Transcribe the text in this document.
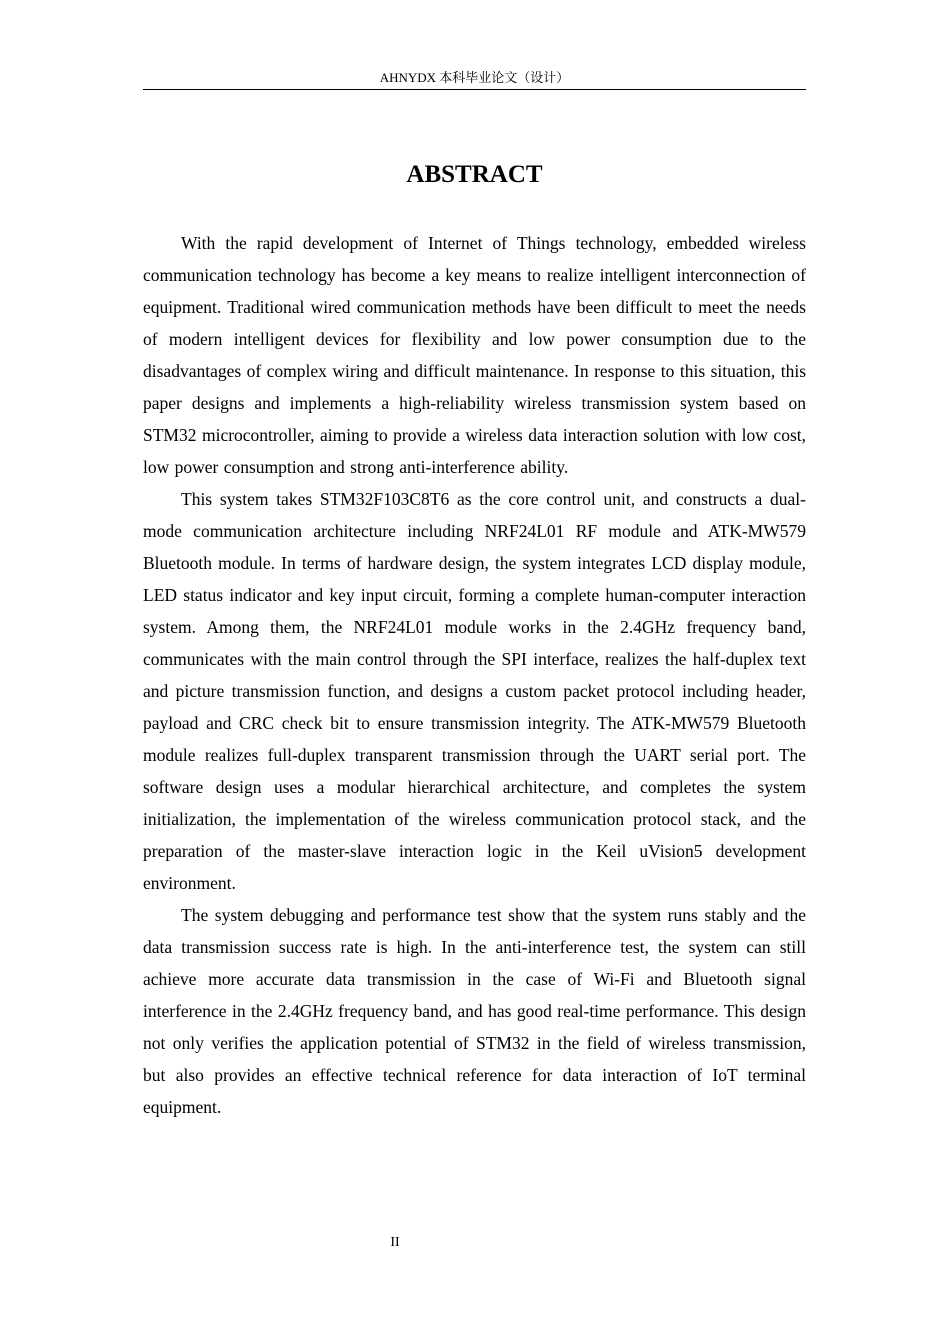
AHNYDX 本科毕业论文（设计）
ABSTRACT

With the rapid development of Internet of Things technology, embedded wireless communication technology has become a key means to realize intelligent interconnection of equipment. Traditional wired communication methods have been difficult to meet the needs of modern intelligent devices for flexibility and low power consumption due to the disadvantages of complex wiring and difficult maintenance. In response to this situation, this paper designs and implements a high-reliability wireless transmission system based on STM32 microcontroller, aiming to provide a wireless data interaction solution with low cost, low power consumption and strong anti-interference ability.

This system takes STM32F103C8T6 as the core control unit, and constructs a dual-mode communication architecture including NRF24L01 RF module and ATK-MW579 Bluetooth module. In terms of hardware design, the system integrates LCD display module, LED status indicator and key input circuit, forming a complete human-computer interaction system. Among them, the NRF24L01 module works in the 2.4GHz frequency band, communicates with the main control through the SPI interface, realizes the half-duplex text and picture transmission function, and designs a custom packet protocol including header, payload and CRC check bit to ensure transmission integrity. The ATK-MW579 Bluetooth module realizes full-duplex transparent transmission through the UART serial port. The software design uses a modular hierarchical architecture, and completes the system initialization, the implementation of the wireless communication protocol stack, and the preparation of the master-slave interaction logic in the Keil uVision5 development environment.

The system debugging and performance test show that the system runs stably and the data transmission success rate is high. In the anti-interference test, the system can still achieve more accurate data transmission in the case of Wi-Fi and Bluetooth signal interference in the 2.4GHz frequency band, and has good real-time performance. This design not only verifies the application potential of STM32 in the field of wireless transmission, but also provides an effective technical reference for data interaction of IoT terminal equipment.

II
